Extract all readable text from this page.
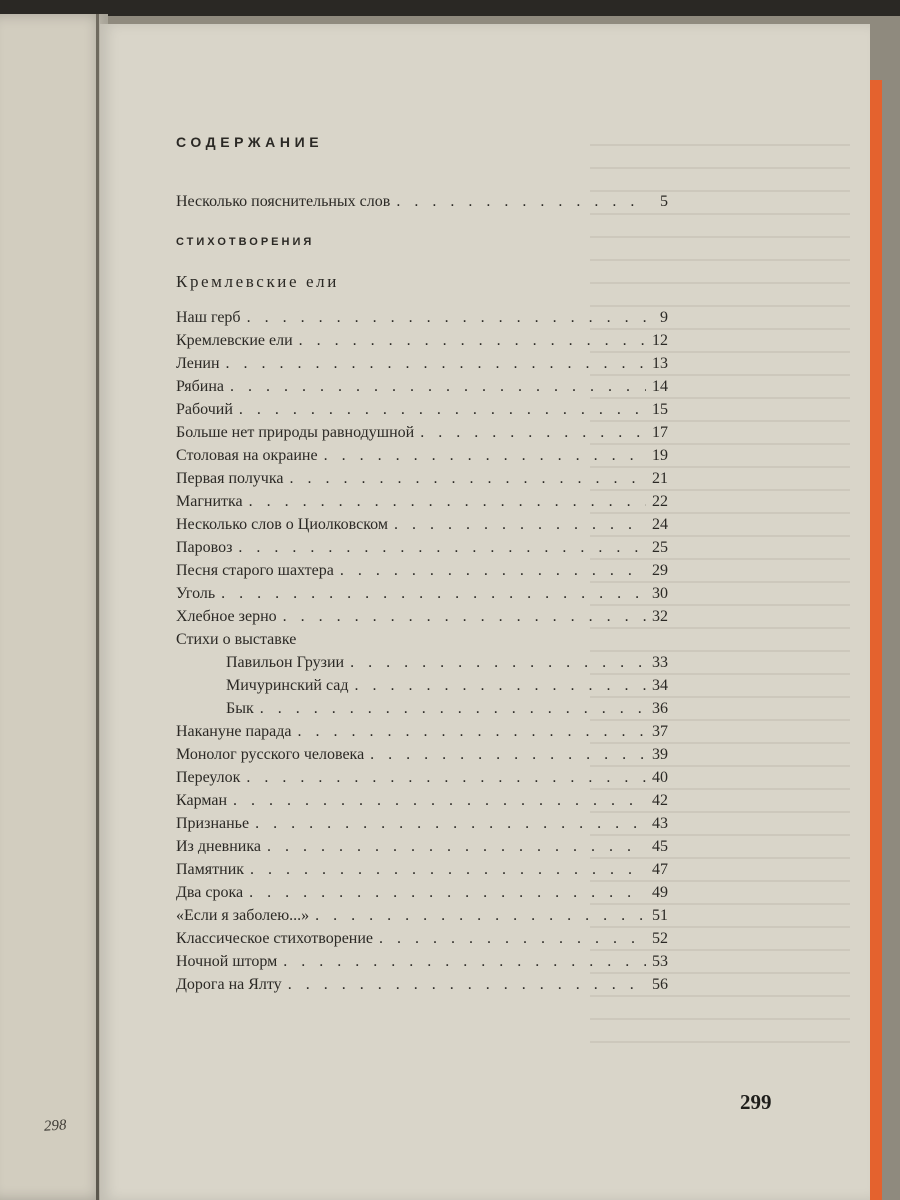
298
СОДЕРЖАНИЕ
Несколько пояснительных слов . . .	5
СТИХОТВОРЕНИЯ
Кремлевские ели
Наш герб . . .	9
Кремлевские ели . . .	12
Ленин . . .	13
Рябина . . .	14
Рабочий . . .	15
Больше нет природы равнодушной . . .	17
Столовая на окраине . . .	19
Первая получка . . .	21
Магнитка . . .	22
Несколько слов о Циолковском . . .	24
Паровоз . . .	25
Песня старого шахтера . . .	29
Уголь . . .	30
Хлебное зерно . . .	32
Стихи о выставке
Павильон Грузии . . .	33
Мичуринский сад . . .	34
Бык . . .	36
Накануне парада . . .	37
Монолог русского человека . . .	39
Переулок . . .	40
Карман . . .	42
Признанье . . .	43
Из дневника . . .	45
Памятник . . .	47
Два срока . . .	49
«Если я заболею...» . . .	51
Классическое стихотворение . . .	52
Ночной шторм . . .	53
Дорога на Ялту . . .	56
299
